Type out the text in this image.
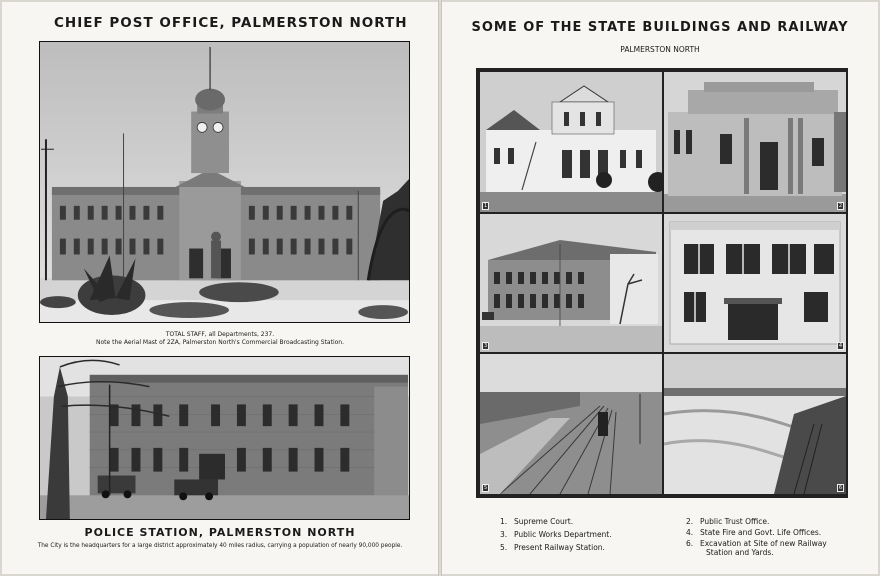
CHIEF POST OFFICE, PALMERSTON NORTH
TOTAL STAFF, all Departments, 237.
Note the Aerial Mast of 2ZA, Palmerston North's Commercial Broadcasting Station.
POLICE STATION, PALMERSTON NORTH
The City is the headquarters for a large district approximately 40 miles radius, carrying a population of nearly 90,000 people.
SOME OF THE STATE BUILDINGS AND RAILWAY
PALMERSTON NORTH
1	2
3	4
5	6
1. Supreme Court.	2. Public Trust Office.
3. Public Works Department.	4. State Fire and Govt. Life Offices.
5. Present Railway Station.	6. Excavation at Site of new Railway
Station and Yards.
